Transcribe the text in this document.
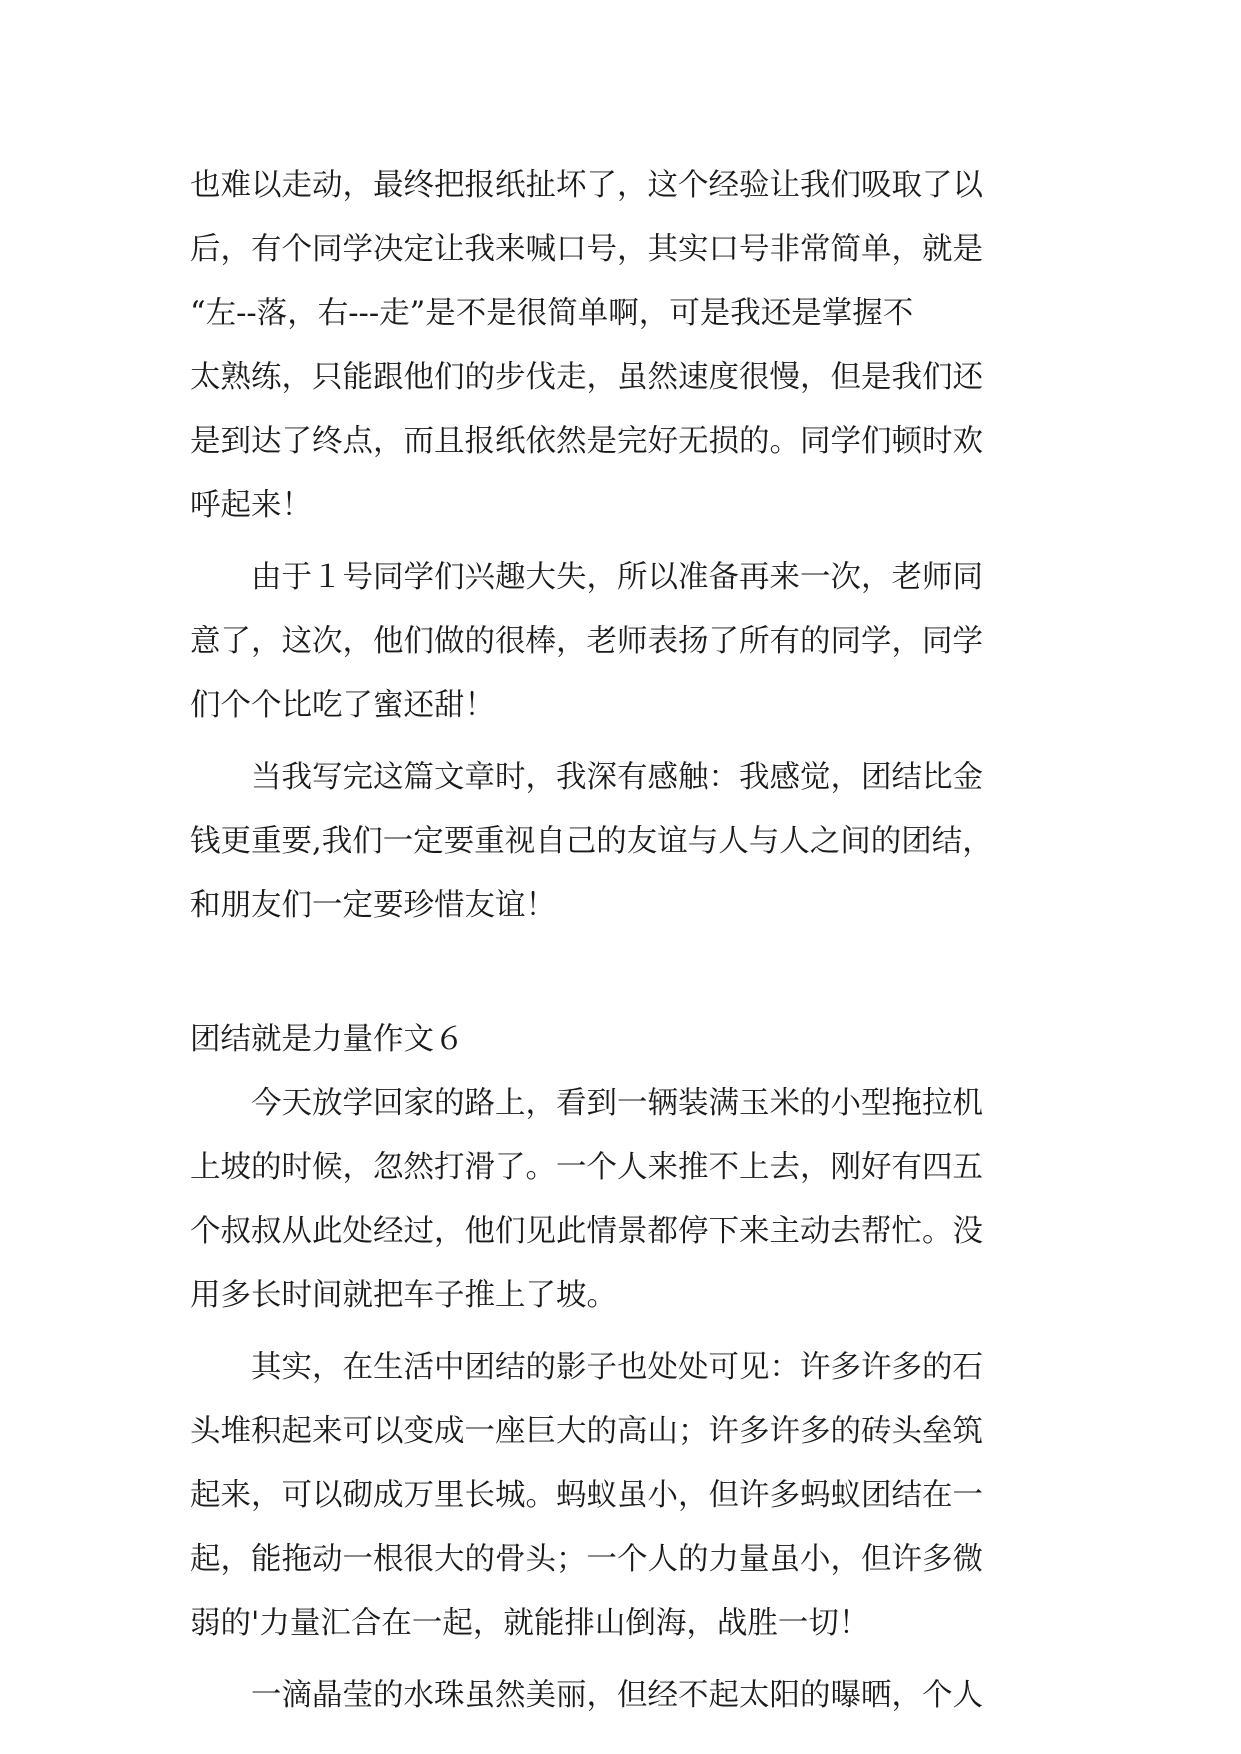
也难以走动，最终把报纸扯坏了，这个经验让我们吸取了以
后，有个同学决定让我来喊口号，其实口号非常简单，就是
“左--落，右---走”是不是很简单啊，可是我还是掌握不
太熟练，只能跟他们的步伐走，虽然速度很慢，但是我们还
是到达了终点，而且报纸依然是完好无损的。同学们顿时欢
呼起来！
　　由于１号同学们兴趣大失，所以准备再来一次，老师同
意了，这次，他们做的很棒，老师表扬了所有的同学，同学
们个个比吃了蜜还甜！
　　当我写完这篇文章时，我深有感触：我感觉，团结比金
钱更重要,我们一定要重视自己的友谊与人与人之间的团结，
和朋友们一定要珍惜友谊！
团结就是力量作文６
　　今天放学回家的路上，看到一辆装满玉米的小型拖拉机
上坡的时候，忽然打滑了。一个人来推不上去，刚好有四五
个叔叔从此处经过，他们见此情景都停下来主动去帮忙。没
用多长时间就把车子推上了坡。
　　其实，在生活中团结的影子也处处可见：许多许多的石
头堆积起来可以变成一座巨大的高山；许多许多的砖头垒筑
起来，可以砌成万里长城。蚂蚁虽小，但许多蚂蚁团结在一
起，能拖动一根很大的骨头；一个人的力量虽小，但许多微
弱的'力量汇合在一起，就能排山倒海，战胜一切！
　　一滴晶莹的水珠虽然美丽，但经不起太阳的曝晒，个人
